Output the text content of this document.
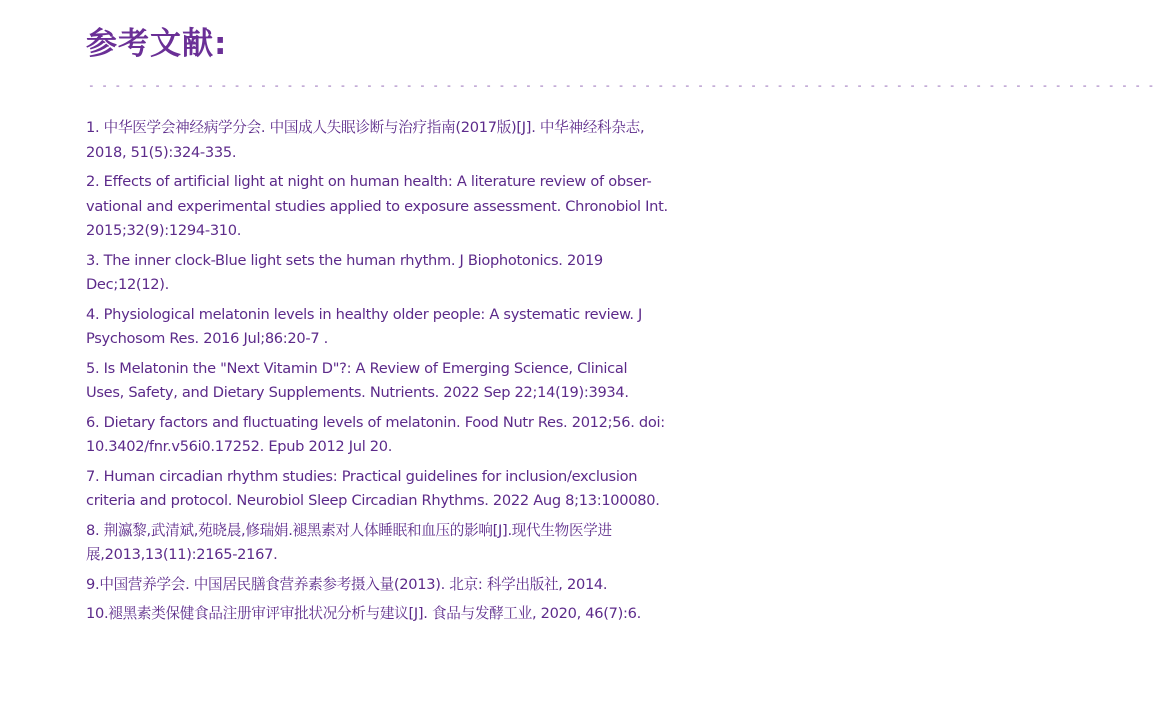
参考文献:
- - - - - - - - - - - - - - - - - - - - - - - - - - - - - - - - - - - - - - - - - - - - - - - - - - - - - - - - - - - - - - - - - - - - - - - - - - - - - - - - -
1. 中华医学会神经病学分会. 中国成人失眠诊断与治疗指南(2017版)[J]. 中华神经科杂志, 2018, 51(5):324-335.
2. Effects of artificial light at night on human health: A literature review of obser-vational and experimental studies applied to exposure assessment. Chronobiol Int. 2015;32(9):1294-310.
3. The inner clock-Blue light sets the human rhythm. J Biophotonics. 2019 Dec;12(12).
4. Physiological melatonin levels in healthy older people: A systematic review. J Psychosom Res. 2016 Jul;86:20-7 .
5. Is Melatonin the "Next Vitamin D"?: A Review of Emerging Science, Clinical Uses, Safety, and Dietary Supplements. Nutrients. 2022 Sep 22;14(19):3934.
6. Dietary factors and fluctuating levels of melatonin. Food Nutr Res. 2012;56. doi: 10.3402/fnr.v56i0.17252. Epub 2012 Jul 20.
7. Human circadian rhythm studies: Practical guidelines for inclusion/exclusion criteria and protocol. Neurobiol Sleep Circadian Rhythms. 2022 Aug 8;13:100080.
8. 荆瀛黎,武清斌,苑晓晨,修瑞娟.褪黑素对人体睡眠和血压的影响[J].现代生物医学进展,2013,13(11):2165-2167.
9.中国营养学会. 中国居民膳食营养素参考摄入量(2013). 北京: 科学出版社, 2014.
10.褪黑素类保健食品注册审评审批状况分析与建议[J]. 食品与发酵工业, 2020, 46(7):6.
